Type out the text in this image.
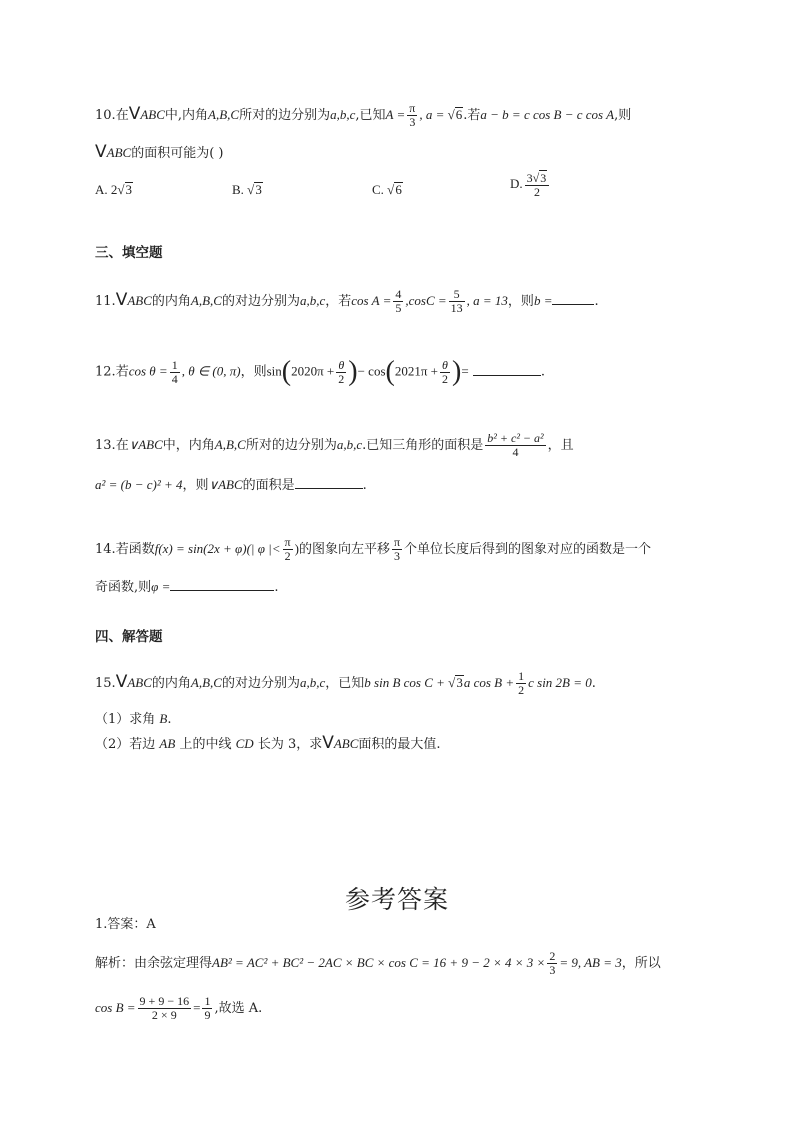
10.在VABC中,内角A,B,C所对的边分别为a,b,c,已知$A = \frac{\pi}{3}$ , a = √6.若a − b = c cos B − c cos A,则
VABC的面积可能为( )
A. 2√3	B. √3	C. √6	D. $\frac{3√3}{2}$
三、填空题
11.VABC的内角A,B,C的对边分别为a,b,c，若$\cos A = \frac{4}{5} ,\cos C = \frac{5}{13}$ , a = 13，则b =	.
12.若$\cos \theta = \frac{1}{4}$ , θ ∈ (0, π)，则$\sin(2020\pi + \frac{\theta}{2}$ )− $\cos(2021\pi + \frac{\theta}{2}$ )=	.
13.在∨ABC中，内角A,B,C所对的边分别为a,b,c.已知三角形的面积是 $\frac{\text{b² + c² − a²}}{4}$ ，且
a² = (b − c)² + 4，则∨ABC的面积是	.
14.若函数f(x) = sin(2x + φ)(| φ |< $\frac{\pi}{2}$ )的图象向左平移 $\frac{\pi}{3}$ 个单位长度后得到的图象对应的函数是一个
奇函数,则φ =	.
四、解答题
15.VABC的内角A,B,C的对边分别为a,b,c，已知b sin B cos C + √3a $\cos B + \frac{1}{2}$ c sin 2B = 0.
（1）求角 B.
（2）若边 AB 上的中线 CD 长为 3，求VABC面积的最大值.
参考答案
1.答案：A
解析：由余弦定理得AB² = AC² + BC² − 2AC × BC × $\cos C = 16 + 9 - 2 \times 4 \times 3 \times \frac{2}{3} = 9$, AB = 3，所以
$\cos B = \frac{9 + 9 - 16}{2 \times 9} = \frac{1}{9}$ ,故选 A.
